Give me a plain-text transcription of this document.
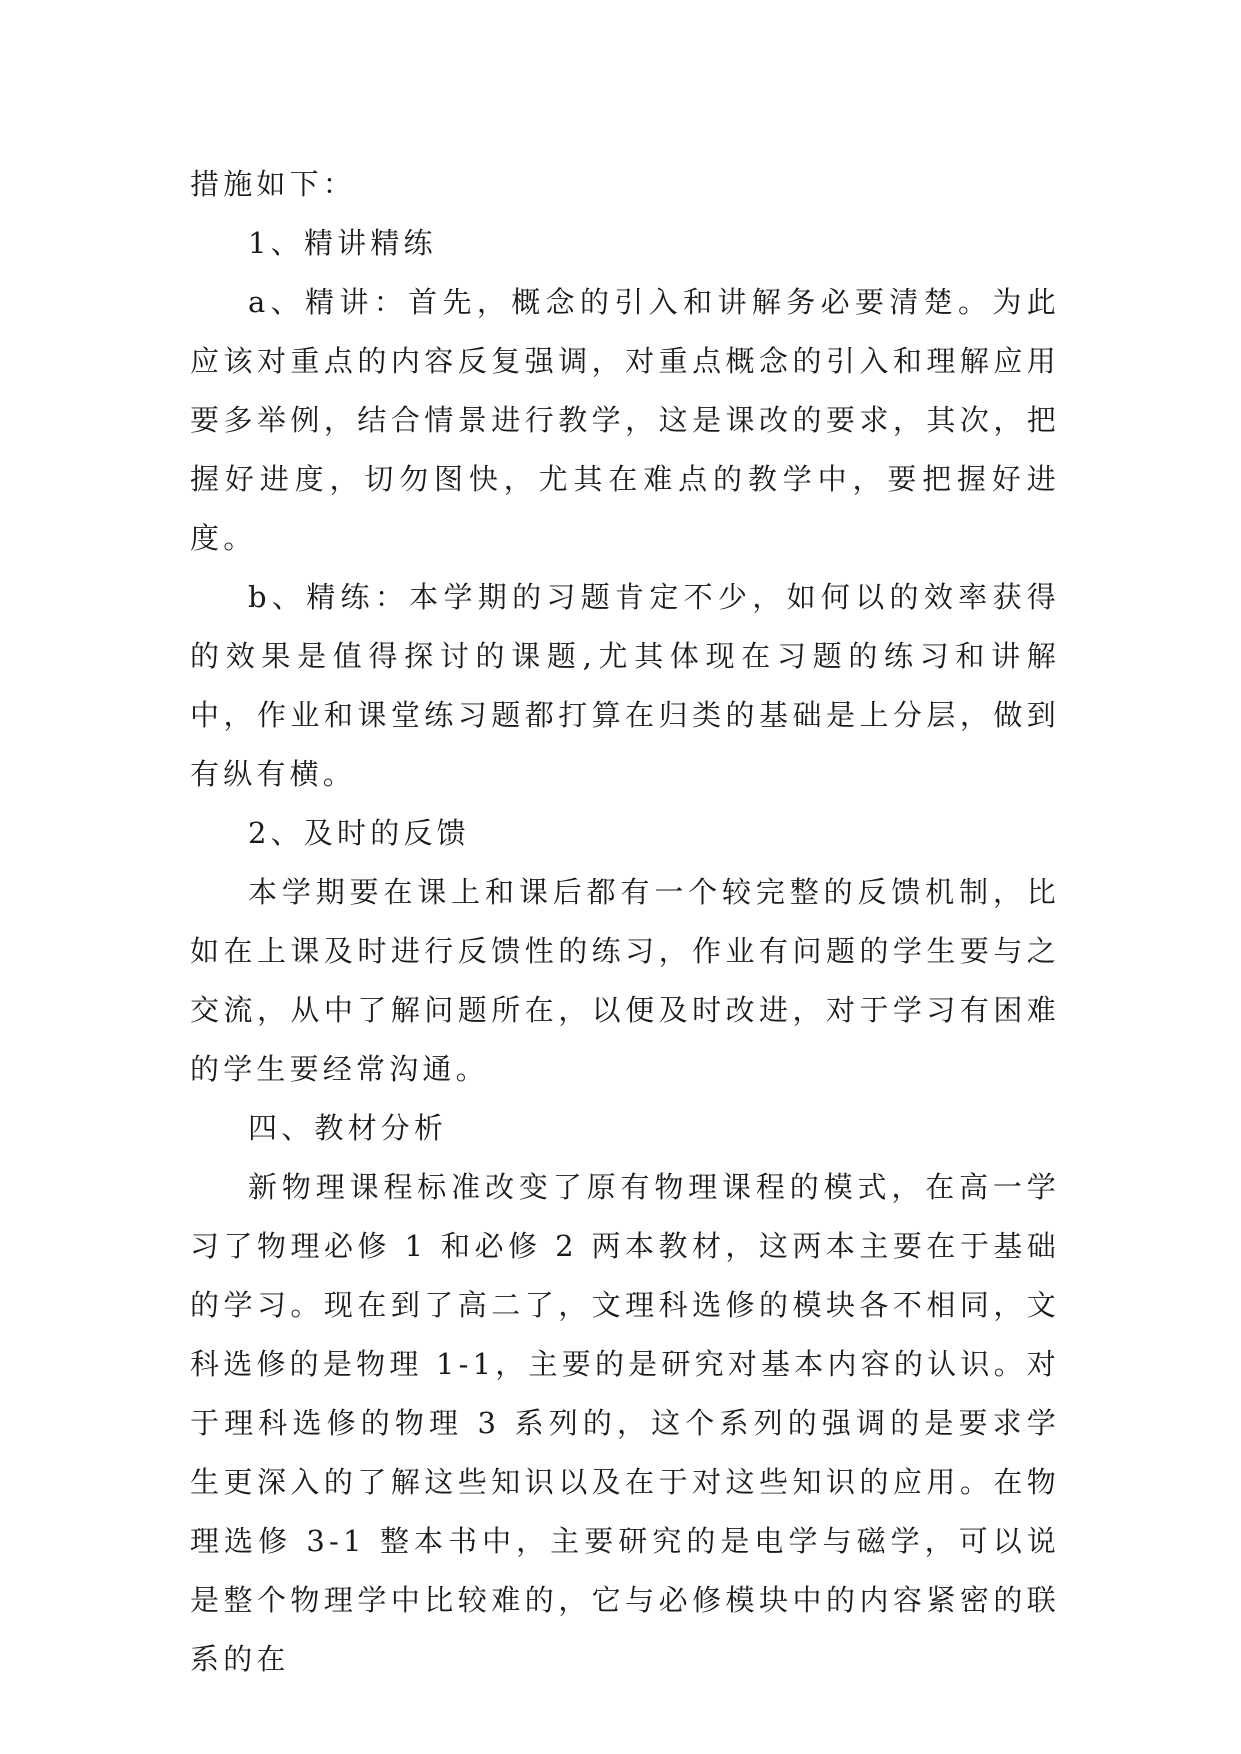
措施如下：

1、精讲精练

a、精讲：首先，概念的引入和讲解务必要清楚。为此应该对重点的内容反复强调，对重点概念的引入和理解应用要多举例，结合情景进行教学，这是课改的要求，其次，把握好进度，切勿图快，尤其在难点的教学中，要把握好进度。

b、精练：本学期的习题肯定不少，如何以的效率获得的效果是值得探讨的课题,尤其体现在习题的练习和讲解中，作业和课堂练习题都打算在归类的基础是上分层，做到有纵有横。

2、及时的反馈

本学期要在课上和课后都有一个较完整的反馈机制，比如在上课及时进行反馈性的练习，作业有问题的学生要与之交流，从中了解问题所在，以便及时改进，对于学习有困难的学生要经常沟通。

四、教材分析

新物理课程标准改变了原有物理课程的模式，在高一学习了物理必修 1 和必修 2 两本教材，这两本主要在于基础的学习。现在到了高二了，文理科选修的模块各不相同，文科选修的是物理 1-1，主要的是研究对基本内容的认识。对于理科选修的物理 3 系列的，这个系列的强调的是要求学生更深入的了解这些知识以及在于对这些知识的应用。在物理选修 3-1 整本书中，主要研究的是电学与磁学，可以说是整个物理学中比较难的，它与必修模块中的内容紧密的联系的在
